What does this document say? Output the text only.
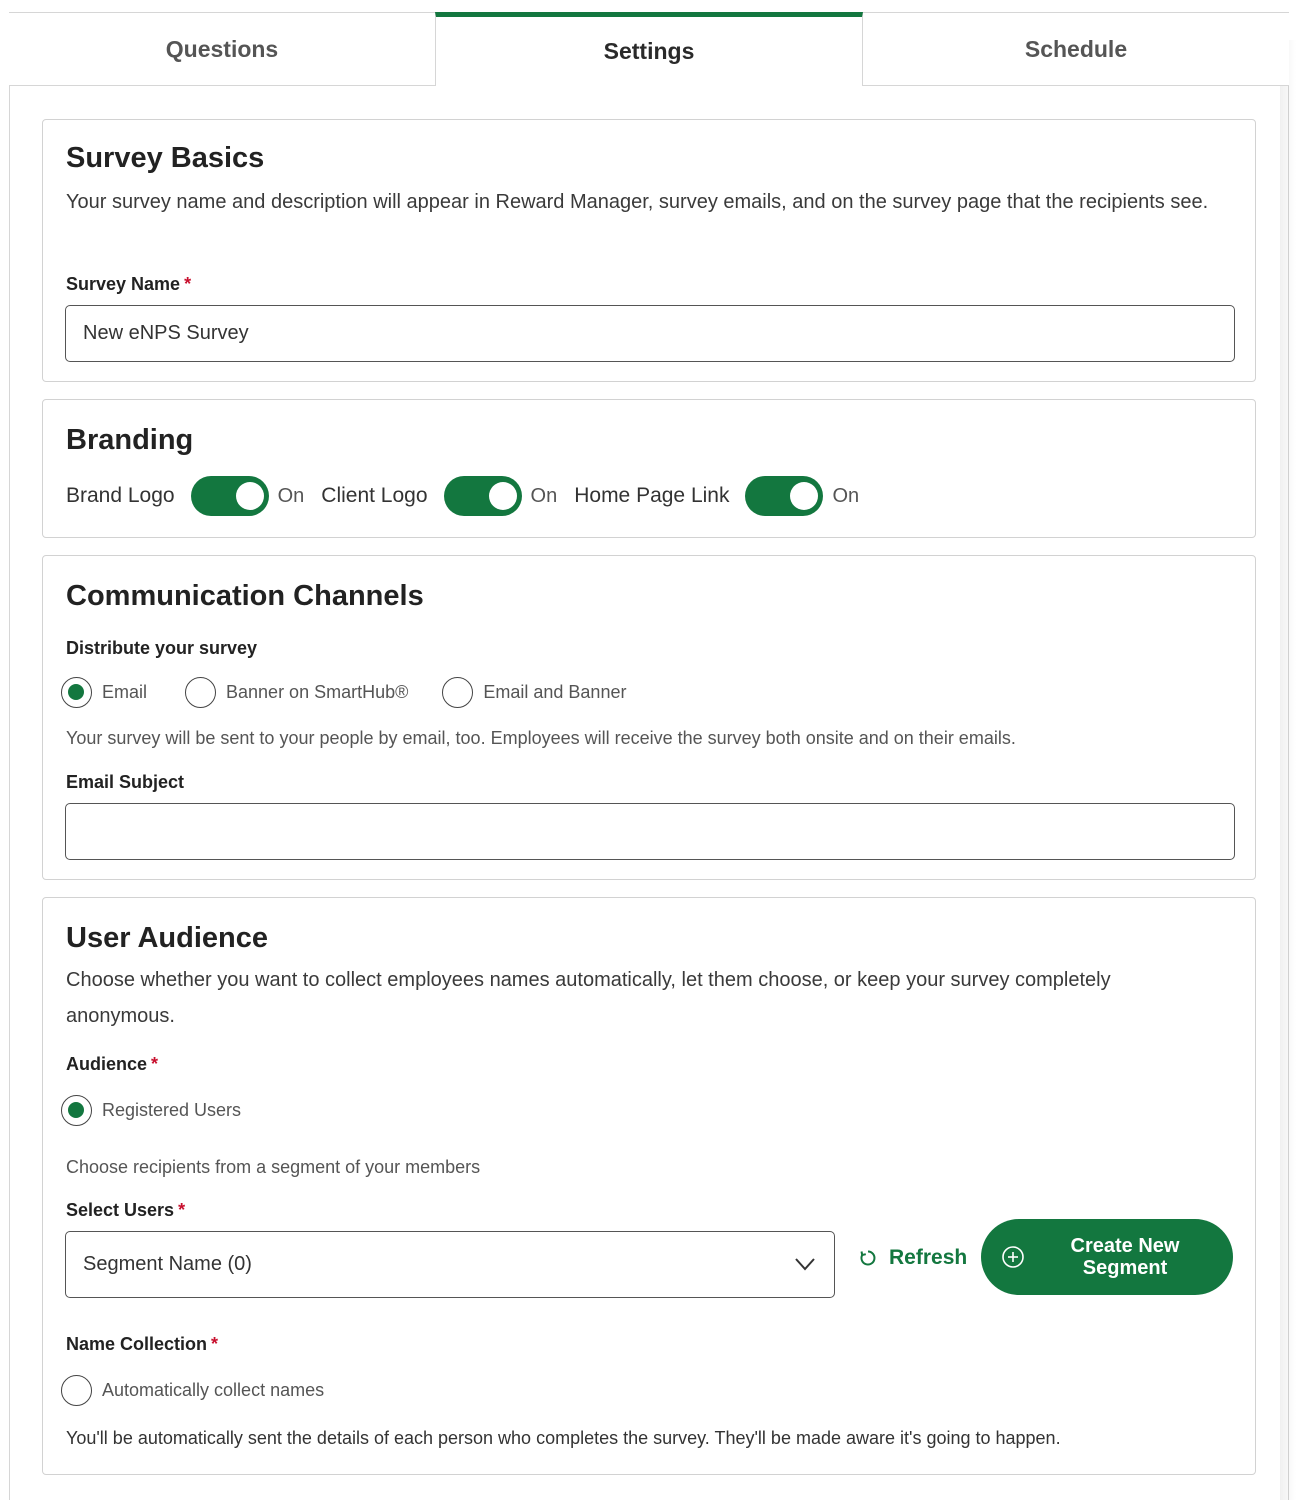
Questions	Settings	Schedule
Survey Basics
Your survey name and description will appear in Reward Manager, survey emails, and on the survey page that the recipients see.
Survey Name *
New eNPS Survey
Branding
Brand Logo	On Client Logo	On Home Page Link	On
Communication Channels
Distribute your survey
Email	Banner on SmartHub®	Email and Banner
Your survey will be sent to your people by email, too. Employees will receive the survey both onsite and on their emails.
Email Subject
User Audience
Choose whether you want to collect employees names automatically, let them choose, or keep your survey completely anonymous.
Audience *
Registered Users
Choose recipients from a segment of your members
Select Users *
Segment Name (0)	Refresh	Create New
Segment
Name Collection *
Automatically collect names
You'll be automatically sent the details of each person who completes the survey. They'll be made aware it's going to happen.
